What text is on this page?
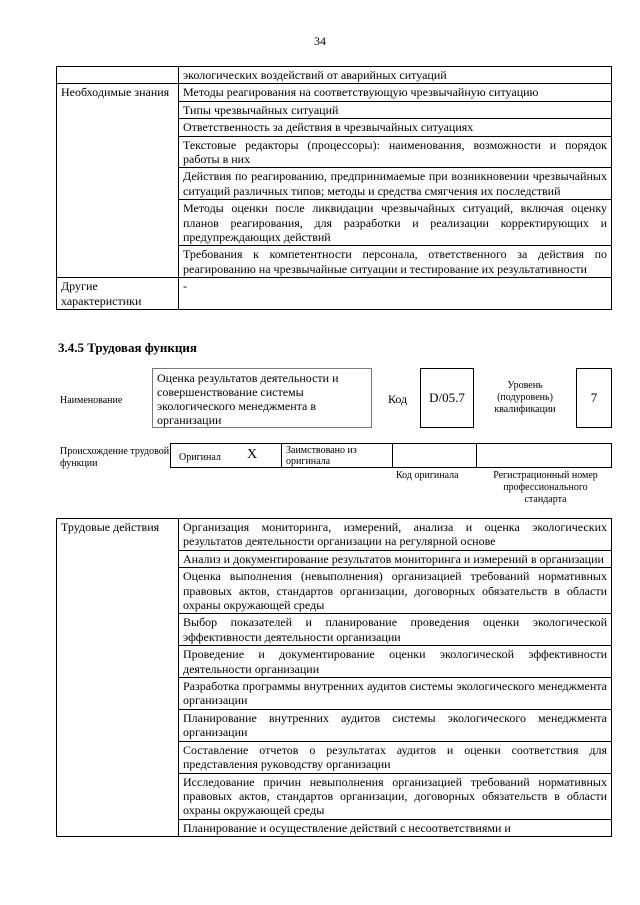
34
	экологических воздействий от аварийных ситуаций
Необходимые знания	Методы реагирования на соответствующую чрезвычайную ситуацию
	Типы чрезвычайных ситуаций
	Ответственность за действия в чрезвычайных ситуациях
	Текстовые редакторы (процессоры): наименования, возможности и порядок работы в них
	Действия по реагированию, предпринимаемые при возникновении чрезвычайных ситуаций различных типов; методы и средства смягчения их последствий
	Методы оценки после ликвидации чрезвычайных ситуаций, включая оценку планов реагирования, для разработки и реализации корректирующих и предупреждающих действий
	Требования к компетентности персонала, ответственного за действия по реагированию на чрезвычайные ситуации и тестирование их результативности
Другие характеристики	-
3.4.5 Трудовая функция
Наименование
Оценка результатов деятельности и совершенствование системы экологического менеджмента в организации
Код	D/05.7
Уровень (подуровень) квалификации
7
Происхождение трудовой функции
Оригинал X	Заимствовано из оригинала
Код оригинала	Регистрационный номер профессионального стандарта
Трудовые действия	Организация мониторинга, измерений, анализа и оценка экологических результатов деятельности организации на регулярной основе
Анализ и документирование результатов мониторинга и измерений в организации
Оценка выполнения (невыполнения) организацией требований нормативных правовых актов, стандартов организации, договорных обязательств в области охраны окружающей среды
Выбор показателей и планирование проведения оценки экологической эффективности деятельности организации
Проведение и документирование оценки экологической эффективности деятельности организации
Разработка программы внутренних аудитов системы экологического менеджмента организации
Планирование внутренних аудитов системы экологического менеджмента организации
Составление отчетов о результатах аудитов и оценки соответствия для представления руководству организации
Исследование причин невыполнения организацией требований нормативных правовых актов, стандартов организации, договорных обязательств в области охраны окружающей среды
Планирование и осуществление действий с несоответствиями и
